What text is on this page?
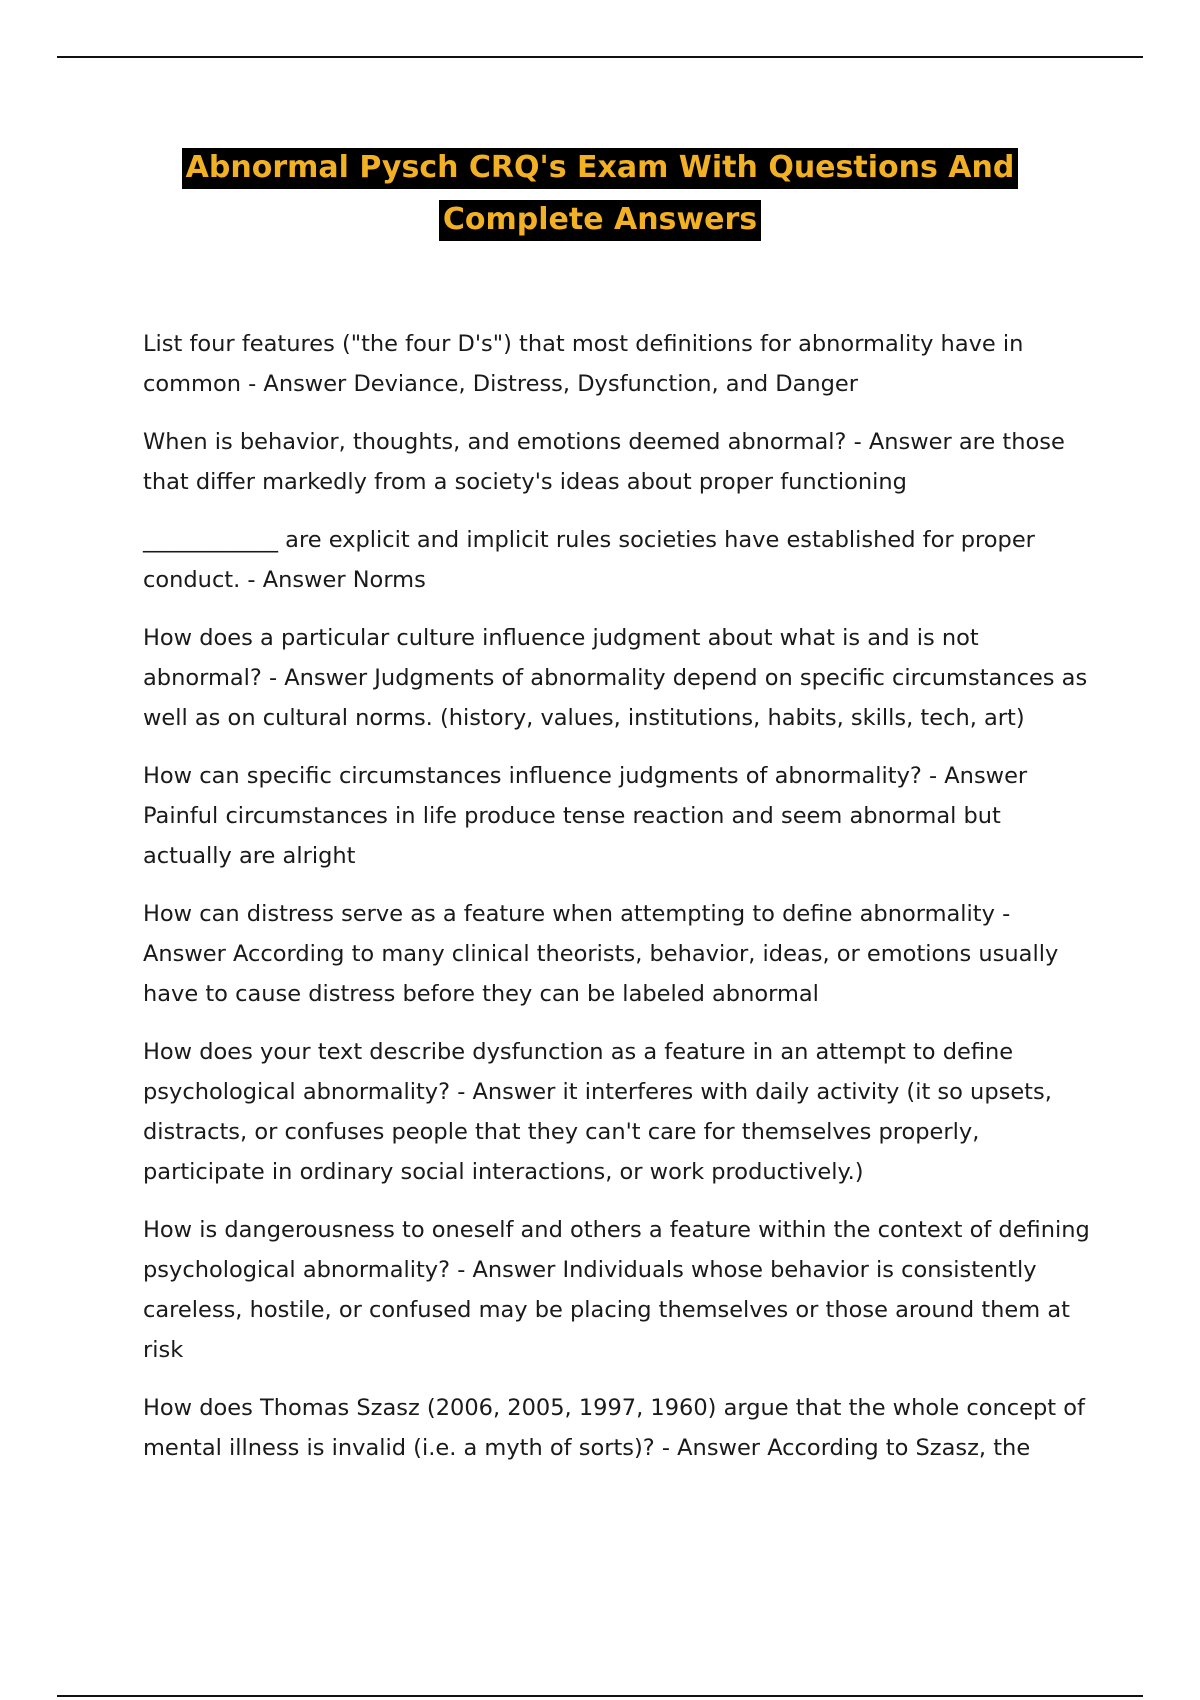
Abnormal Pysch CRQ's Exam With Questions And
Complete Answers

List four features ("the four D's") that most definitions for abnormality have in common - Answer Deviance, Distress, Dysfunction, and Danger

When is behavior, thoughts, and emotions deemed abnormal? - Answer are those that differ markedly from a society's ideas about proper functioning

____________ are explicit and implicit rules societies have established for proper conduct. - Answer Norms

How does a particular culture influence judgment about what is and is not abnormal? - Answer Judgments of abnormality depend on specific circumstances as well as on cultural norms. (history, values, institutions, habits, skills, tech, art)

How can specific circumstances influence judgments of abnormality? - Answer Painful circumstances in life produce tense reaction and seem abnormal but actually are alright

How can distress serve as a feature when attempting to define abnormality - Answer According to many clinical theorists, behavior, ideas, or emotions usually have to cause distress before they can be labeled abnormal

How does your text describe dysfunction as a feature in an attempt to define psychological abnormality? - Answer it interferes with daily activity (it so upsets, distracts, or confuses people that they can't care for themselves properly, participate in ordinary social interactions, or work productively.)

How is dangerousness to oneself and others a feature within the context of defining psychological abnormality? - Answer Individuals whose behavior is consistently careless, hostile, or confused may be placing themselves or those around them at risk

How does Thomas Szasz (2006, 2005, 1997, 1960) argue that the whole concept of mental illness is invalid (i.e. a myth of sorts)? - Answer According to Szasz, the
